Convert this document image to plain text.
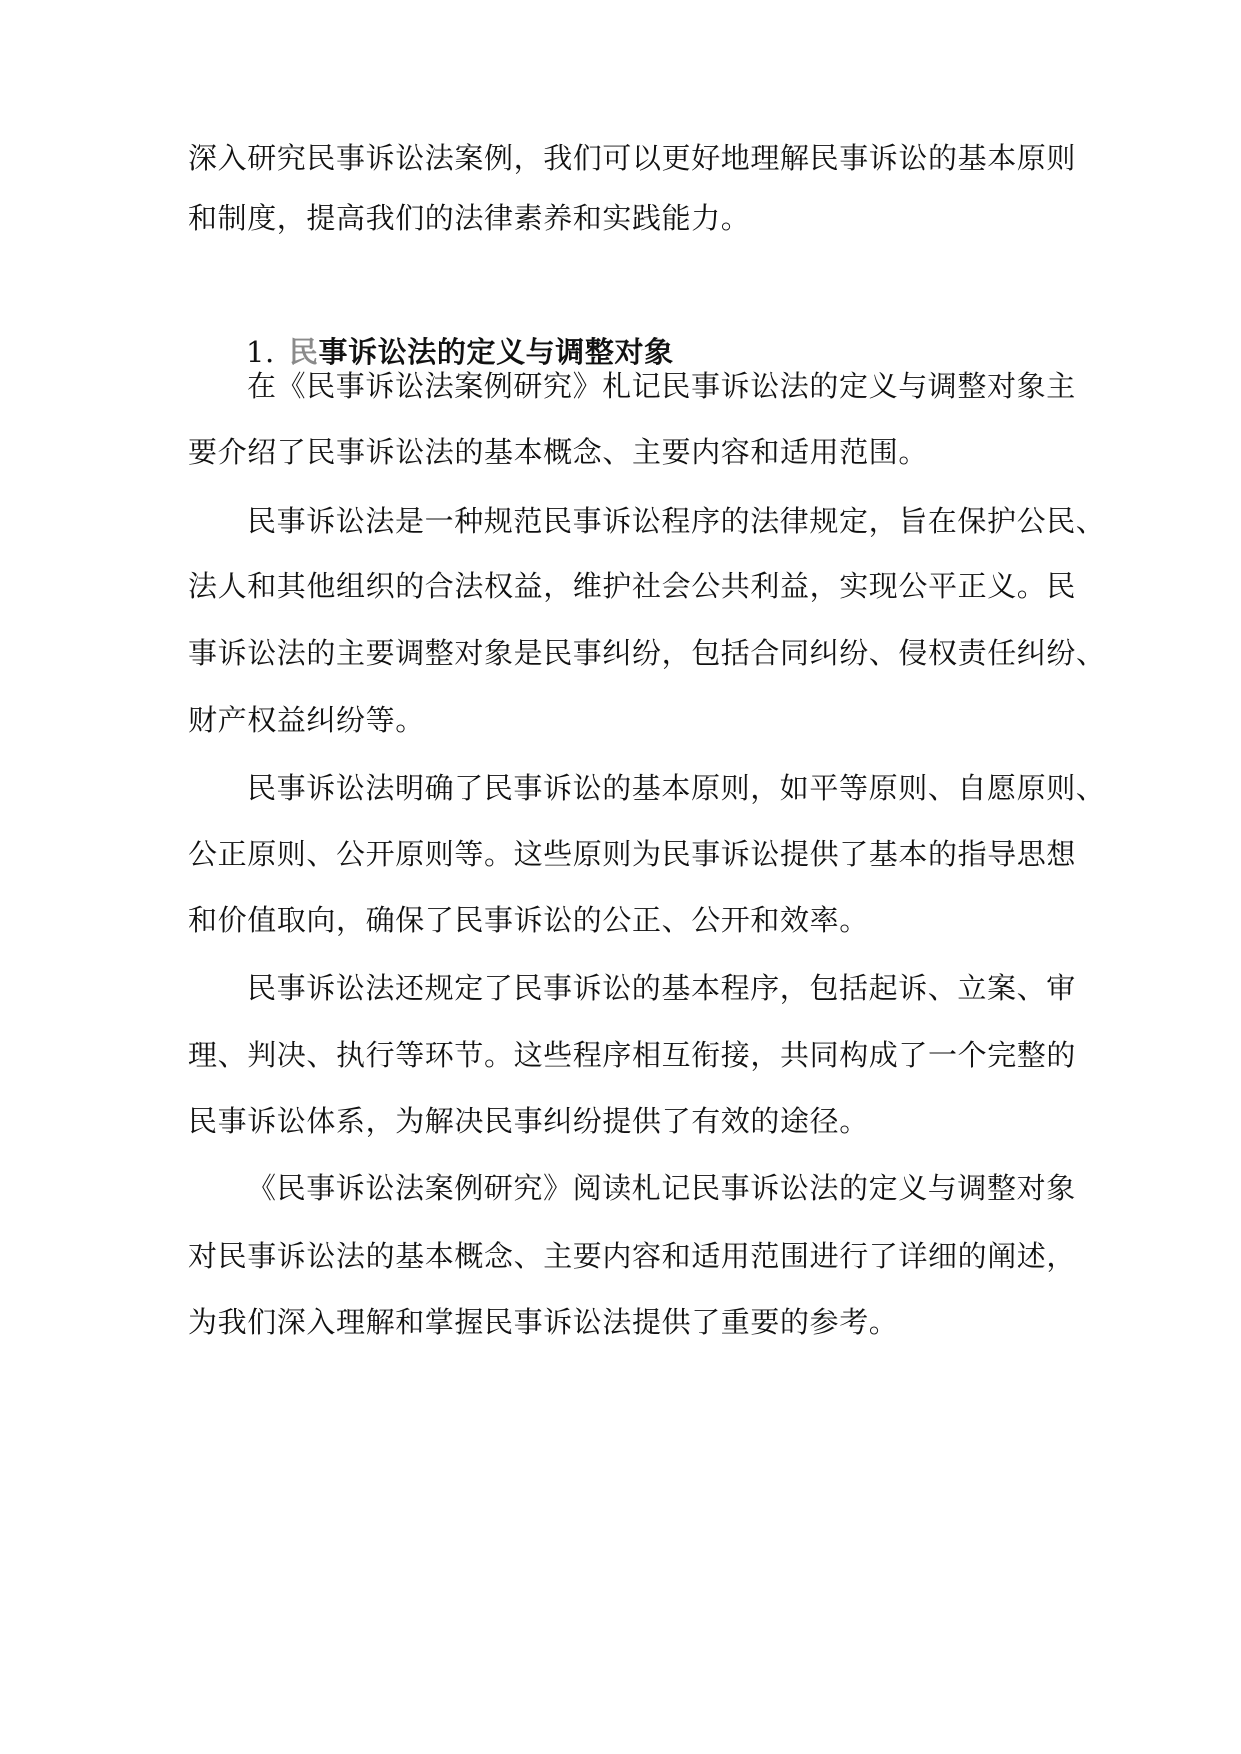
深入研究民事诉讼法案例，我们可以更好地理解民事诉讼的基本原则
和制度，提高我们的法律素养和实践能力。
1. 民事诉讼法的定义与调整对象
在《民事诉讼法案例研究》札记民事诉讼法的定义与调整对象主
要介绍了民事诉讼法的基本概念、主要内容和适用范围。
民事诉讼法是一种规范民事诉讼程序的法律规定，旨在保护公民、
法人和其他组织的合法权益，维护社会公共利益，实现公平正义。民
事诉讼法的主要调整对象是民事纠纷，包括合同纠纷、侵权责任纠纷、
财产权益纠纷等。
民事诉讼法明确了民事诉讼的基本原则，如平等原则、自愿原则、
公正原则、公开原则等。这些原则为民事诉讼提供了基本的指导思想
和价值取向，确保了民事诉讼的公正、公开和效率。
民事诉讼法还规定了民事诉讼的基本程序，包括起诉、立案、审
理、判决、执行等环节。这些程序相互衔接，共同构成了一个完整的
民事诉讼体系，为解决民事纠纷提供了有效的途径。
《民事诉讼法案例研究》阅读札记民事诉讼法的定义与调整对象
对民事诉讼法的基本概念、主要内容和适用范围进行了详细的阐述，
为我们深入理解和掌握民事诉讼法提供了重要的参考。
